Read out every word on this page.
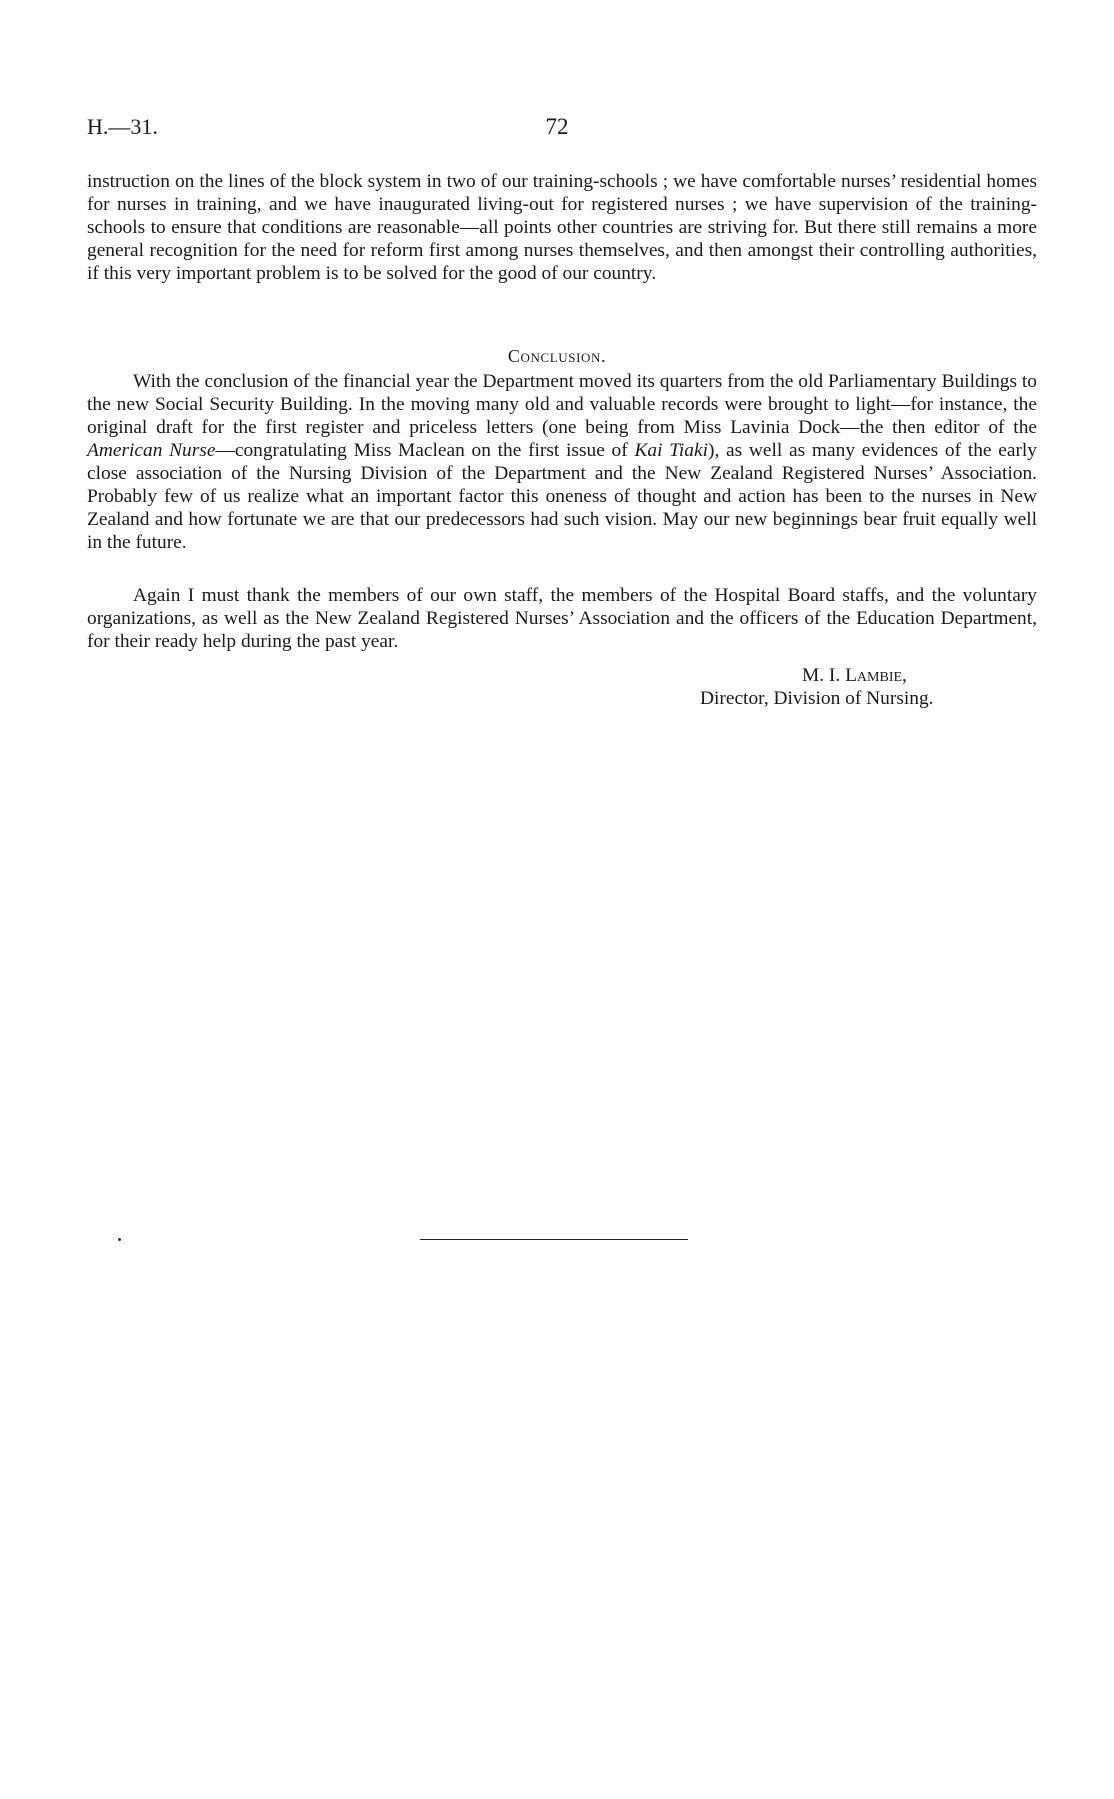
H.—31.	72

instruction on the lines of the block system in two of our training-schools ; we have comfortable nurses’ residential homes for nurses in training, and we have inaugurated living-out for registered nurses ; we have supervision of the training-schools to ensure that conditions are reasonable—all points other countries are striving for. But there still remains a more general recognition for the need for reform first among nurses themselves, and then amongst their controlling authorities, if this very important problem is to be solved for the good of our country.

Conclusion.

With the conclusion of the financial year the Department moved its quarters from the old Parliamentary Buildings to the new Social Security Building. In the moving many old and valuable records were brought to light—for instance, the original draft for the first register and priceless letters (one being from Miss Lavinia Dock—the then editor of the American Nurse—congratulating Miss Maclean on the first issue of Kai Tiaki), as well as many evidences of the early close association of the Nursing Division of the Department and the New Zealand Registered Nurses’ Association. Probably few of us realize what an important factor this oneness of thought and action has been to the nurses in New Zealand and how fortunate we are that our predecessors had such vision. May our new beginnings bear fruit equally well in the future.

Again I must thank the members of our own staff, the members of the Hospital Board staffs, and the voluntary organizations, as well as the New Zealand Registered Nurses’ Association and the officers of the Education Department, for their ready help during the past year.

M. I. Lambie,
Director, Division of Nursing.
